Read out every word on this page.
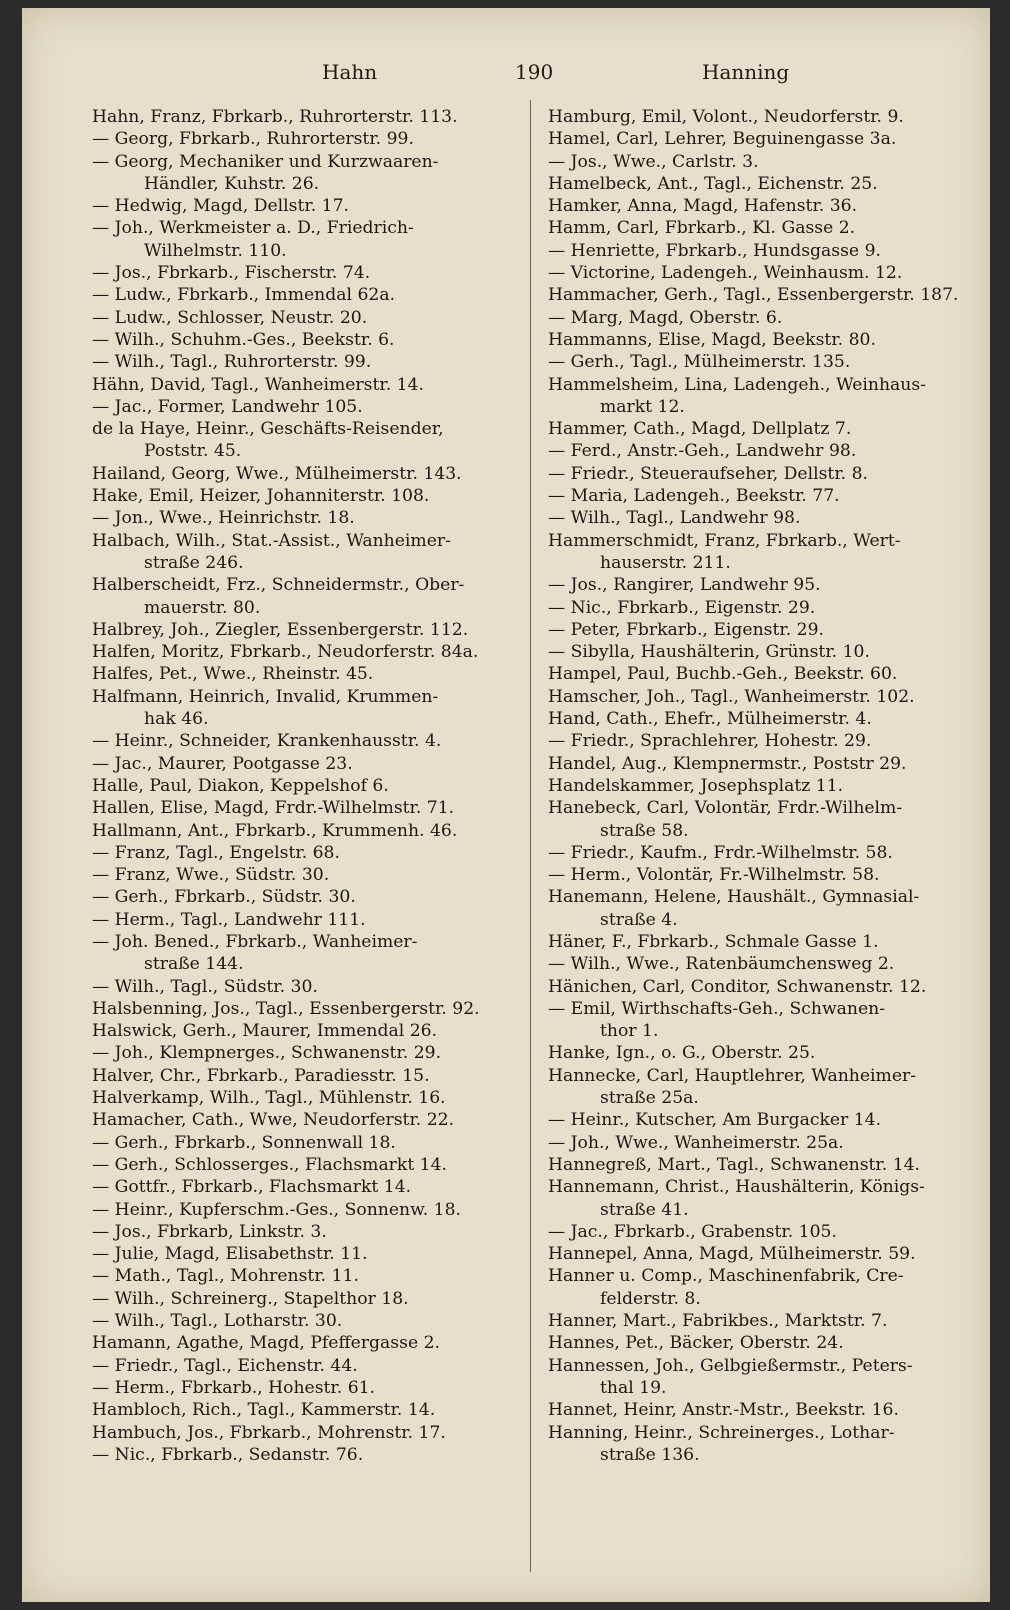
Hahn	190	Hanning
Hahn, Franz, Fbrkarb., Ruhrorterstr. 113.
— Georg, Fbrkarb., Ruhrorterstr. 99.
— Georg, Mechaniker und Kurzwaaren-
Händler, Kuhstr. 26.
— Hedwig, Magd, Dellstr. 17.
— Joh., Werkmeister a. D., Friedrich-
Wilhelmstr. 110.
— Jos., Fbrkarb., Fischerstr. 74.
— Ludw., Fbrkarb., Immendal 62a.
— Ludw., Schlosser, Neustr. 20.
— Wilh., Schuhm.-Ges., Beekstr. 6.
— Wilh., Tagl., Ruhrorterstr. 99.
Hähn, David, Tagl., Wanheimerstr. 14.
— Jac., Former, Landwehr 105.
de la Haye, Heinr., Geschäfts-Reisender,
Poststr. 45.
Hailand, Georg, Wwe., Mülheimerstr. 143.
Hake, Emil, Heizer, Johanniterstr. 108.
— Jon., Wwe., Heinrichstr. 18.
Halbach, Wilh., Stat.-Assist., Wanheimer-
straße 246.
Halberscheidt, Frz., Schneidermstr., Ober-
mauerstr. 80.
Halbrey, Joh., Ziegler, Essenbergerstr. 112.
Halfen, Moritz, Fbrkarb., Neudorferstr. 84a.
Halfes, Pet., Wwe., Rheinstr. 45.
Halfmann, Heinrich, Invalid, Krummen-
hak 46.
— Heinr., Schneider, Krankenhausstr. 4.
— Jac., Maurer, Pootgasse 23.
Halle, Paul, Diakon, Keppelshof 6.
Hallen, Elise, Magd, Frdr.-Wilhelmstr. 71.
Hallmann, Ant., Fbrkarb., Krummenh. 46.
— Franz, Tagl., Engelstr. 68.
— Franz, Wwe., Südstr. 30.
— Gerh., Fbrkarb., Südstr. 30.
— Herm., Tagl., Landwehr 111.
— Joh. Bened., Fbrkarb., Wanheimer-
straße 144.
— Wilh., Tagl., Südstr. 30.
Halsbenning, Jos., Tagl., Essenbergerstr. 92.
Halswick, Gerh., Maurer, Immendal 26.
— Joh., Klempnerges., Schwanenstr. 29.
Halver, Chr., Fbrkarb., Paradiesstr. 15.
Halverkamp, Wilh., Tagl., Mühlenstr. 16.
Hamacher, Cath., Wwe, Neudorferstr. 22.
— Gerh., Fbrkarb., Sonnenwall 18.
— Gerh., Schlosserges., Flachsmarkt 14.
— Gottfr., Fbrkarb., Flachsmarkt 14.
— Heinr., Kupferschm.-Ges., Sonnenw. 18.
— Jos., Fbrkarb, Linkstr. 3.
— Julie, Magd, Elisabethstr. 11.
— Math., Tagl., Mohrenstr. 11.
— Wilh., Schreinerg., Stapelthor 18.
— Wilh., Tagl., Lotharstr. 30.
Hamann, Agathe, Magd, Pfeffergasse 2.
— Friedr., Tagl., Eichenstr. 44.
— Herm., Fbrkarb., Hohestr. 61.
Hambloch, Rich., Tagl., Kammerstr. 14.
Hambuch, Jos., Fbrkarb., Mohrenstr. 17.
— Nic., Fbrkarb., Sedanstr. 76.
Hamburg, Emil, Volont., Neudorferstr. 9.
Hamel, Carl, Lehrer, Beguinengasse 3a.
— Jos., Wwe., Carlstr. 3.
Hamelbeck, Ant., Tagl., Eichenstr. 25.
Hamker, Anna, Magd, Hafenstr. 36.
Hamm, Carl, Fbrkarb., Kl. Gasse 2.
— Henriette, Fbrkarb., Hundsgasse 9.
— Victorine, Ladengeh., Weinhausm. 12.
Hammacher, Gerh., Tagl., Essenbergerstr. 187.
— Marg, Magd, Oberstr. 6.
Hammanns, Elise, Magd, Beekstr. 80.
— Gerh., Tagl., Mülheimerstr. 135.
Hammelsheim, Lina, Ladengeh., Weinhaus-
markt 12.
Hammer, Cath., Magd, Dellplatz 7.
— Ferd., Anstr.-Geh., Landwehr 98.
— Friedr., Steueraufseher, Dellstr. 8.
— Maria, Ladengeh., Beekstr. 77.
— Wilh., Tagl., Landwehr 98.
Hammerschmidt, Franz, Fbrkarb., Wert-
hauserstr. 211.
— Jos., Rangirer, Landwehr 95.
— Nic., Fbrkarb., Eigenstr. 29.
— Peter, Fbrkarb., Eigenstr. 29.
— Sibylla, Haushälterin, Grünstr. 10.
Hampel, Paul, Buchb.-Geh., Beekstr. 60.
Hamscher, Joh., Tagl., Wanheimerstr. 102.
Hand, Cath., Ehefr., Mülheimerstr. 4.
— Friedr., Sprachlehrer, Hohestr. 29.
Handel, Aug., Klempnermstr., Poststr 29.
Handelskammer, Josephsplatz 11.
Hanebeck, Carl, Volontär, Frdr.-Wilhelm-
straße 58.
— Friedr., Kaufm., Frdr.-Wilhelmstr. 58.
— Herm., Volontär, Fr.-Wilhelmstr. 58.
Hanemann, Helene, Haushält., Gymnasial-
straße 4.
Häner, F., Fbrkarb., Schmale Gasse 1.
— Wilh., Wwe., Ratenbäumchensweg 2.
Hänichen, Carl, Conditor, Schwanenstr. 12.
— Emil, Wirthschafts-Geh., Schwanen-
thor 1.
Hanke, Ign., o. G., Oberstr. 25.
Hannecke, Carl, Hauptlehrer, Wanheimer-
straße 25a.
— Heinr., Kutscher, Am Burgacker 14.
— Joh., Wwe., Wanheimerstr. 25a.
Hannegreß, Mart., Tagl., Schwanenstr. 14.
Hannemann, Christ., Haushälterin, Königs-
straße 41.
— Jac., Fbrkarb., Grabenstr. 105.
Hannepel, Anna, Magd, Mülheimerstr. 59.
Hanner u. Comp., Maschinenfabrik, Cre-
felderstr. 8.
Hanner, Mart., Fabrikbes., Marktstr. 7.
Hannes, Pet., Bäcker, Oberstr. 24.
Hannessen, Joh., Gelbgießermstr., Peters-
thal 19.
Hannet, Heinr, Anstr.-Mstr., Beekstr. 16.
Hanning, Heinr., Schreinerges., Lothar-
straße 136.
